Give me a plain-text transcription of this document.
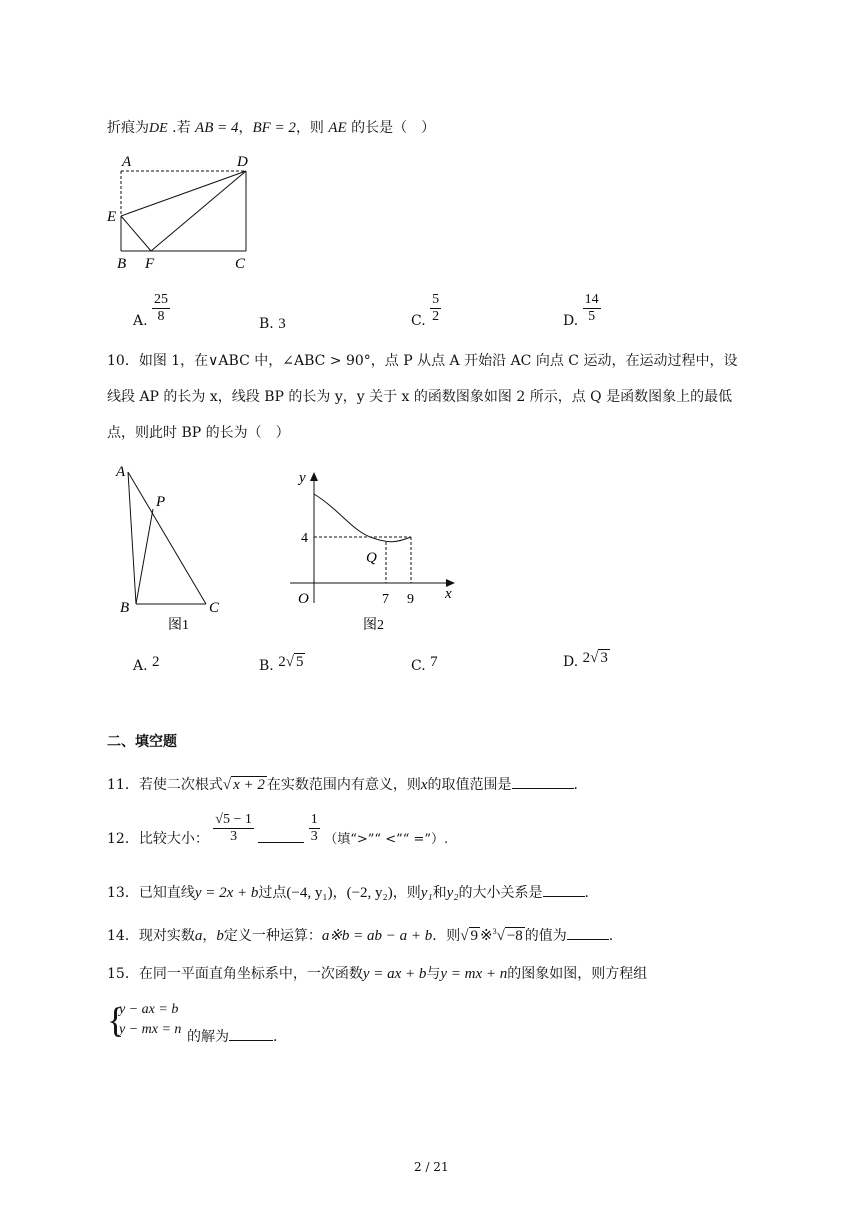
折痕为DE .若 AB = 4，BF = 2，则 AE 的长是（　）
A	D
E
B F	C
A. $\frac{25}{8}$	B. 3	C. $\frac{5}{2}$	D. $\frac{14}{5}$
10．如图 1，在∨ABC 中，∠ABC > 90°，点 P 从点 A 开始沿 AC 向点 C 运动，在运动过程中，设
线段 AP 的长为 x，线段 BP 的长为 y，y 关于 x 的函数图象如图 2 所示，点 Q 是函数图象上的最低
点，则此时 BP 的长为（　）
A
P
B	C
图1
y
x
O
4
Q
7 9
图2
A. 2	B. 2√ 5	C. 7	D. 2√ 3
二、填空题
11．若使二次根式√ x + 2 在实数范围内有意义，则x的取值范围是	.
12．比较大小： $\frac{√5 - 1}{3}$
	$\frac{1}{3}$ （填“>”“ <”“ =”）.
13．已知直线y = 2x + b过点(−4, y₁)，(−2, y₂)，则y₁和y₂的大小关系是	.
14．现对实数a，b定义一种运算：a※b = ab − a + b．则√ 9 ※$^3$√ −8 的值为	.
15．在同一平面直角坐标系中，一次函数y = ax + b与y = mx + n的图象如图，则方程组
{
y − ax = b
y − mx = n 的解为	.
2 / 21
